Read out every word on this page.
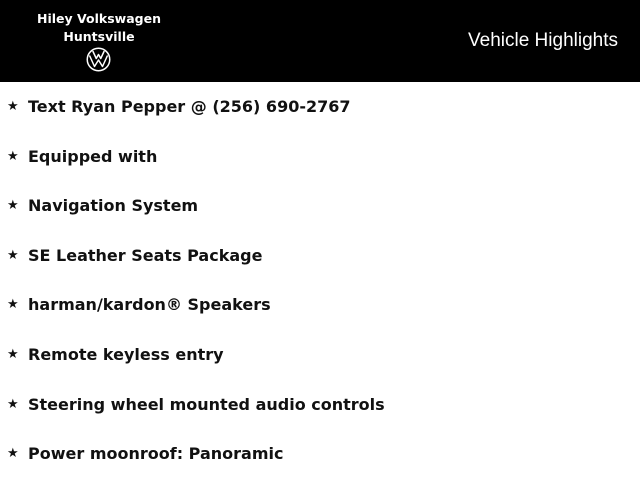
Hiley Volkswagen
Huntsville	Vehicle Highlights
★ Text Ryan Pepper @ (256) 690-2767
★ Equipped with
★ Navigation System
★ SE Leather Seats Package
★ harman/kardon® Speakers
★ Remote keyless entry
★ Steering wheel mounted audio controls
★ Power moonroof: Panoramic
